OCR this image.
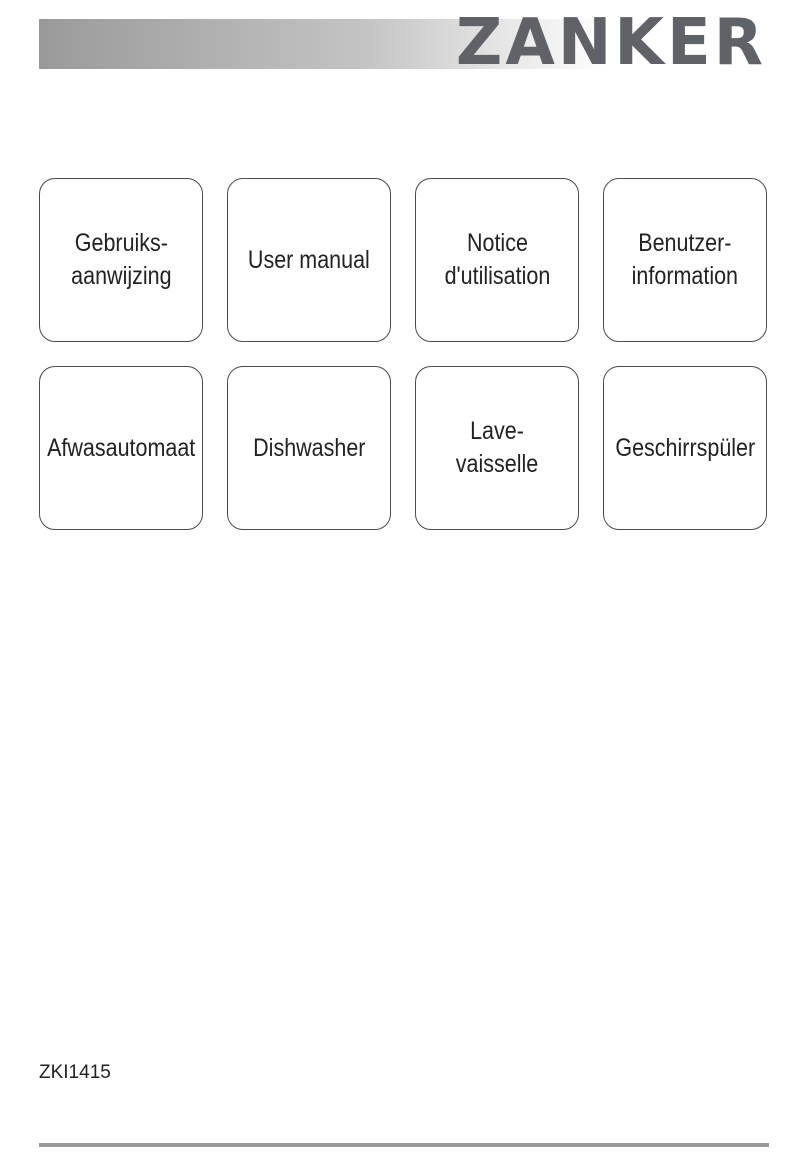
ZANKER
Gebruiks-
aanwijzing
User manual
Notice
d'utilisation
Benutzer-
information
Afwasautomaat Dishwasher
Lave-vaisselle
Geschirrspüler
ZKI1415
